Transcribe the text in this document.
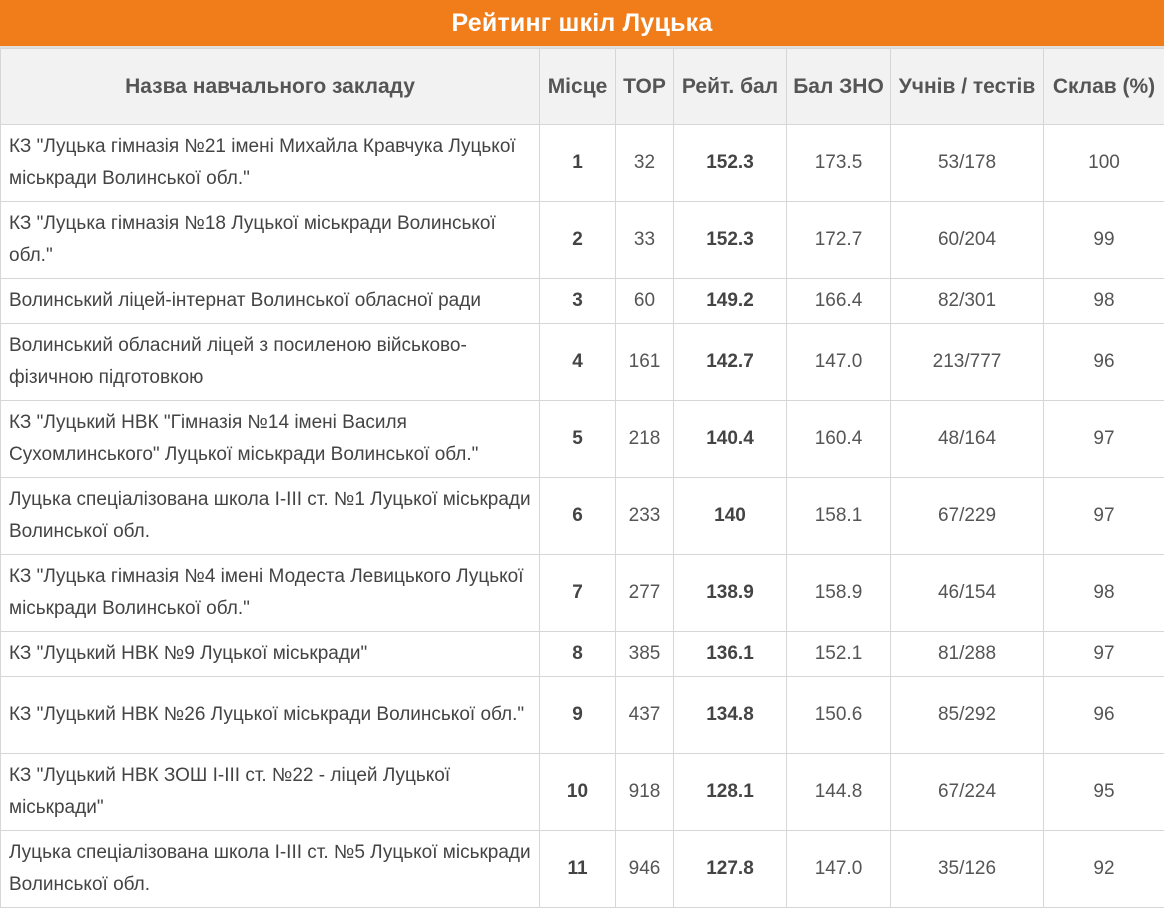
Рейтинг шкіл Луцька
Назва навчального закладу	Місце	TOP	Рейт. бал	Бал ЗНО	Учнів / тестів	Склав (%)
КЗ "Луцька гімназія №21 імені Михайла Кравчука Луцької міськради Волинської обл."	1	32	152.3	173.5	53/178	100
КЗ "Луцька гімназія №18 Луцької міськради Волинської обл."	2	33	152.3	172.7	60/204	99
Волинський ліцей-інтернат Волинської обласної ради	3	60	149.2	166.4	82/301	98
Волинський обласний ліцей з посиленою військово-фізичною підготовкою	4	161	142.7	147.0	213/777	96
КЗ "Луцький НВК "Гімназія №14 імені Василя Сухомлинського" Луцької міськради Волинської обл."	5	218	140.4	160.4	48/164	97
Луцька спеціалізована школа I-III ст. №1 Луцької міськради Волинської обл.	6	233	140	158.1	67/229	97
КЗ "Луцька гімназія №4 імені Модеста Левицького Луцької міськради Волинської обл."	7	277	138.9	158.9	46/154	98
КЗ "Луцький НВК №9 Луцької міськради"	8	385	136.1	152.1	81/288	97
КЗ "Луцький НВК №26 Луцької міськради Волинської обл."	9	437	134.8	150.6	85/292	96
КЗ "Луцький НВК ЗОШ I-III ст. №22 - ліцей Луцької міськради"	10	918	128.1	144.8	67/224	95
Луцька спеціалізована школа I-III ст. №5 Луцької міськради Волинської обл.	11	946	127.8	147.0	35/126	92
